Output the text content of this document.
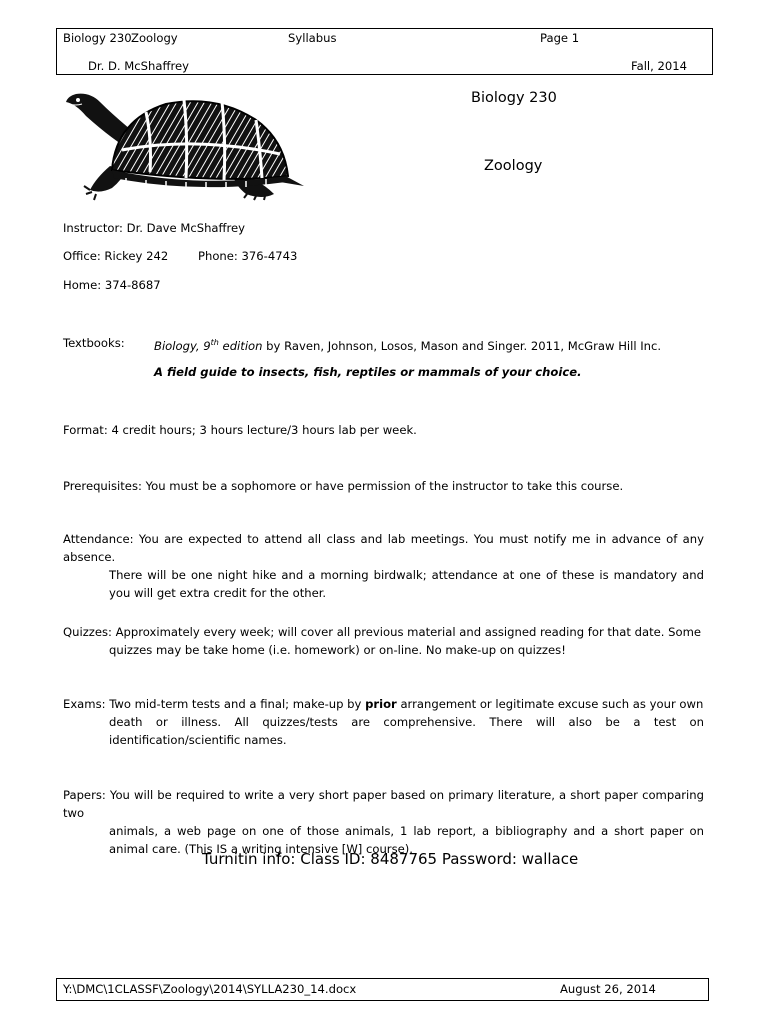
Biology 230 Zoology	Syllabus	Page 1
Dr. D. McShaffrey	Fall, 2014
Biology 230
Zoology
Instructor: Dr. Dave McShaffrey
Office: Rickey 242	Phone: 376-4743
Home: 374-8687
Textbooks:	Biology, 9th edition by Raven, Johnson, Losos, Mason and Singer. 2011, McGraw Hill Inc.
A field guide to insects, fish, reptiles or mammals of your choice.
Format: 4 credit hours; 3 hours lecture/3 hours lab per week.
Prerequisites: You must be a sophomore or have permission of the instructor to take this course.
Attendance: You are expected to attend all class and lab meetings. You must notify me in advance of any absence.
There will be one night hike and a morning birdwalk; attendance at one of these is mandatory and you will get extra credit for the other.
Quizzes: Approximately every week; will cover all previous material and assigned reading for that date. Some
quizzes may be take home (i.e. homework) or on-line. No make-up on quizzes!
Exams: Two mid-term tests and a final; make-up by prior arrangement or legitimate excuse such as your own
death or illness. All quizzes/tests are comprehensive. There will also be a test on identification/scientific names.
Papers: You will be required to write a very short paper based on primary literature, a short paper comparing two
animals, a web page on one of those animals, 1 lab report, a bibliography and a short paper on animal care. (This IS a writing intensive [W] course).
Turnitin info: Class ID: 8487765 Password: wallace
Y:\DMC\1CLASSF\Zoology\2014\SYLLA230_14.docx	August 26, 2014
